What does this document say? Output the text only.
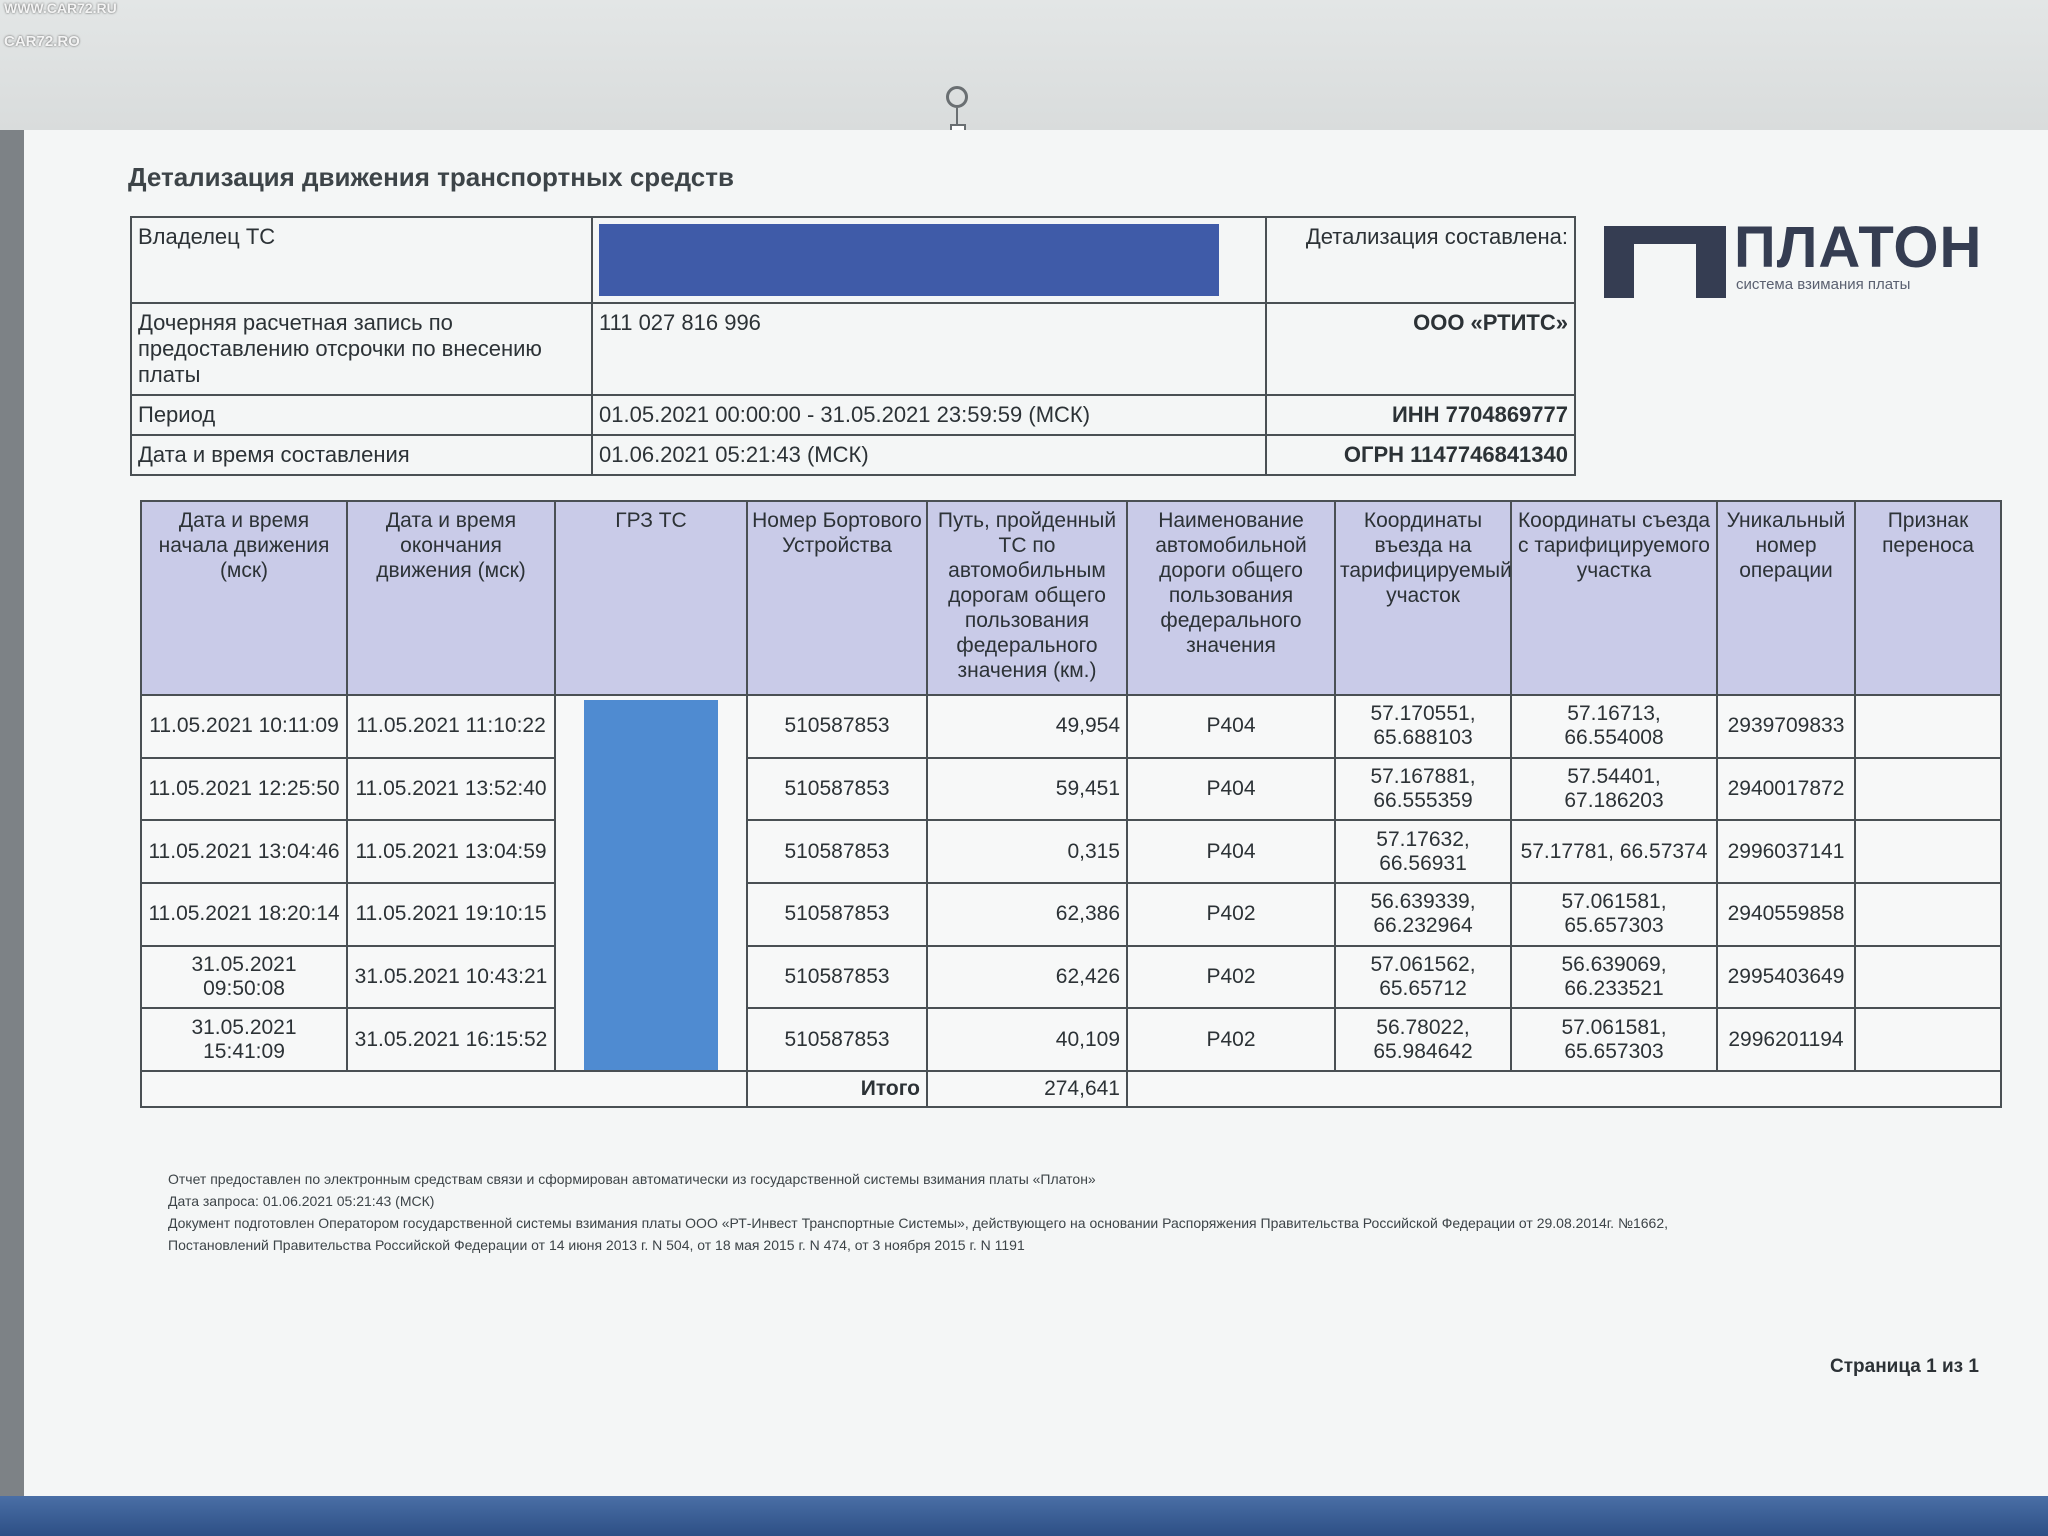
WWW.CAR72.RU
CAR72.RO
Детализация движения транспортных средств
Владелец ТС		Детализация составлена:
Дочерняя расчетная запись по предоставлению отсрочки по внесению платы	111 027 816 996	ООО «РТИТС»
Период	01.05.2021 00:00:00 - 31.05.2021 23:59:59 (МСК)	ИНН 7704869777
Дата и время составления	01.06.2021 05:21:43 (МСК)	ОГРН 1147746841340
ПЛАТОН
система взимания платы
Дата и время начала движения (мск)	Дата и время окончания движения (мск)	ГРЗ ТС	Номер Бортового Устройства	Путь, пройденный ТС по автомобильным дорогам общего пользования федерального значения (км.)	Наименование автомобильной дороги общего пользования федерального значения	Координаты въезда на тарифицируемый участок	Координаты съезда с тарифицируемого участка	Уникальный номер операции	Признак переноса
11.05.2021 10:11:09	11.05.2021 11:10:22		510587853	49,954	Р404	57.170551, 65.688103	57.16713, 66.554008	2939709833	
11.05.2021 12:25:50	11.05.2021 13:52:40		510587853	59,451	Р404	57.167881, 66.555359	57.54401, 67.186203	2940017872	
11.05.2021 13:04:46	11.05.2021 13:04:59		510587853	0,315	Р404	57.17632, 66.56931	57.17781, 66.57374	2996037141	
11.05.2021 18:20:14	11.05.2021 19:10:15		510587853	62,386	Р402	56.639339, 66.232964	57.061581, 65.657303	2940559858	
31.05.2021 09:50:08	31.05.2021 10:43:21		510587853	62,426	Р402	57.061562, 65.65712	56.639069, 66.233521	2995403649	
31.05.2021 15:41:09	31.05.2021 16:15:52		510587853	40,109	Р402	56.78022, 65.984642	57.061581, 65.657303	2996201194	
			Итого	274,641					

Отчет предоставлен по электронным средствам связи и сформирован автоматически из государственной системы взимания платы «Платон»

Дата запроса: 01.06.2021 05:21:43 (МСК)

Документ подготовлен Оператором государственной системы взимания платы ООО «РТ-Инвест Транспортные Системы», действующего на основании Распоряжения Правительства Российской Федерации от 29.08.2014г. №1662,

Постановлений Правительства Российской Федерации от 14 июня 2013 г. N 504, от 18 мая 2015 г. N 474, от 3 ноября 2015 г. N 1191

Страница 1 из 1
